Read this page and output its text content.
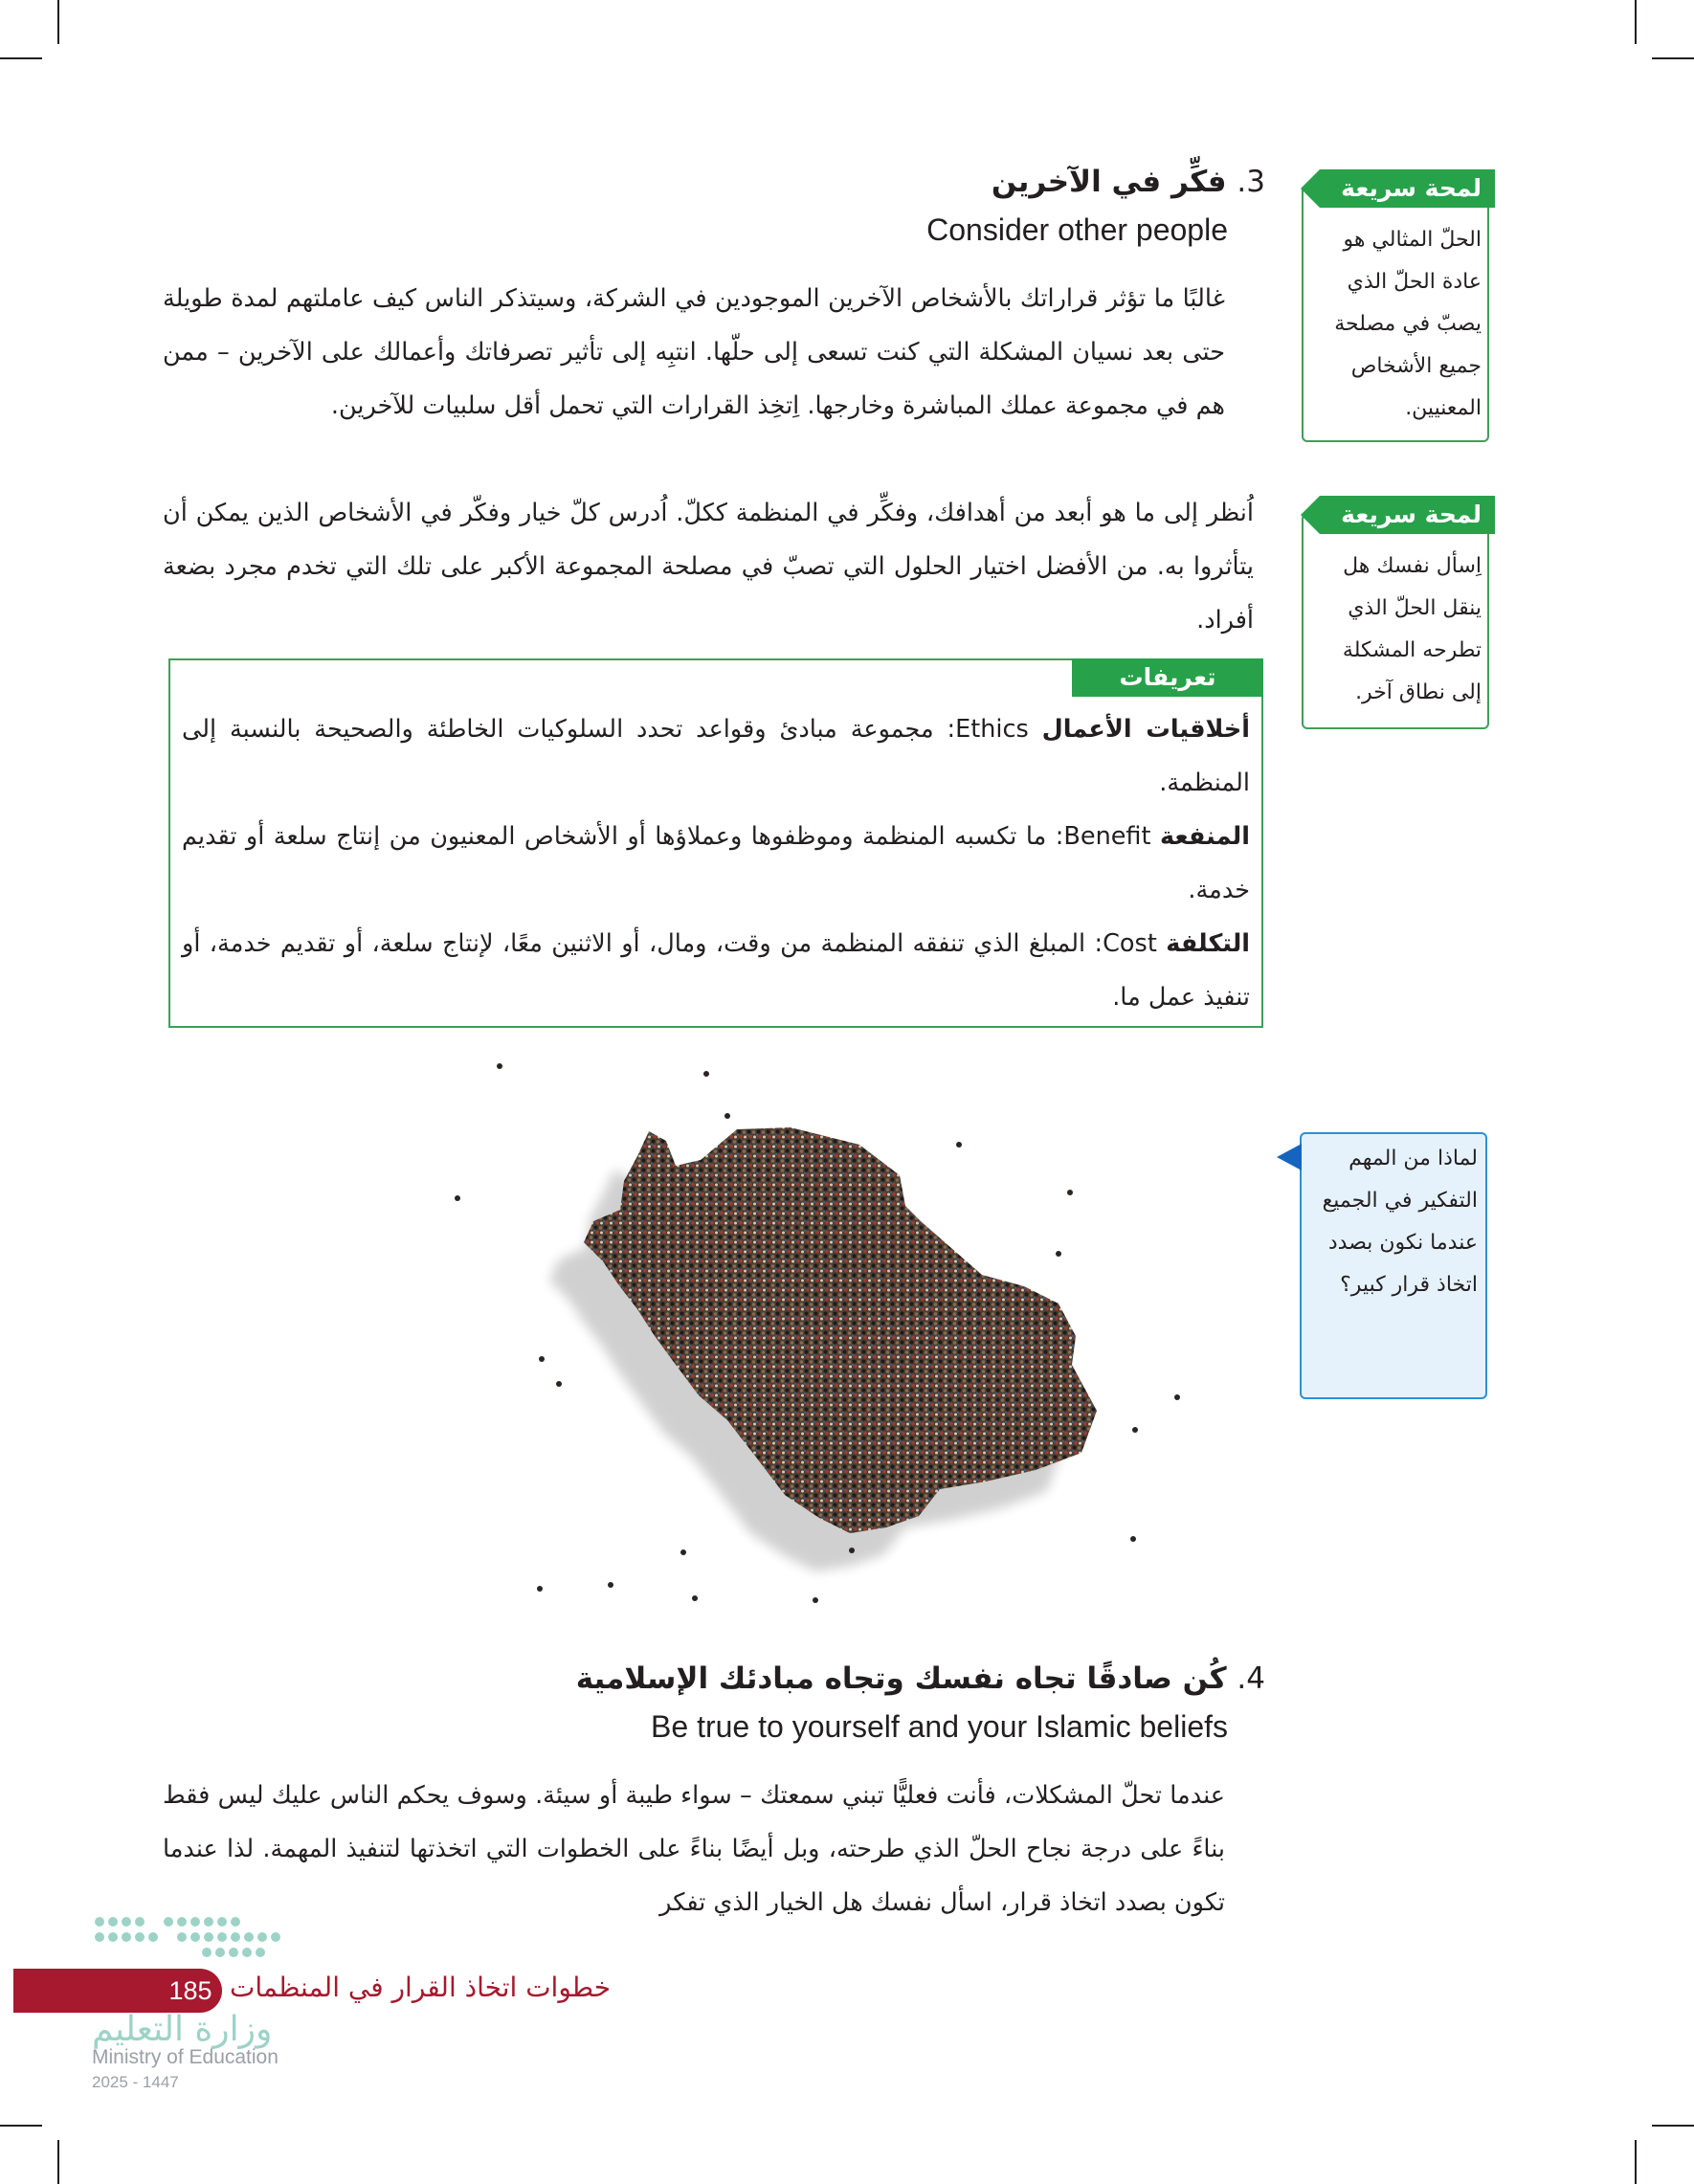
3. فكِّر في الآخرين
Consider other people
غالبًا ما تؤثر قراراتك بالأشخاص الآخرين الموجودين في الشركة، وسيتذكر الناس كيف عاملتهم لمدة طويلة حتى بعد نسيان المشكلة التي كنت تسعى إلى حلّها. انتبِه إلى تأثير تصرفاتك وأعمالك على الآخرين – ممن هم في مجموعة عملك المباشرة وخارجها. اِتخِذ القرارات التي تحمل أقل سلبيات للآخرين.
اُنظر إلى ما هو أبعد من أهدافك، وفكِّر في المنظمة ككلّ. اُدرس كلّ خيار وفكّر في الأشخاص الذين يمكن أن يتأثروا به. من الأفضل اختيار الحلول التي تصبّ في مصلحة المجموعة الأكبر على تلك التي تخدم مجرد بضعة أفراد.
لمحة سريعة
الحلّ المثالي هو عادة الحلّ الذي يصبّ في مصلحة جميع الأشخاص المعنيين.
لمحة سريعة
اِسأل نفسك هل ينقل الحلّ الذي تطرحه المشكلة إلى نطاق آخر.
تعريفات
أخلاقيات الأعمال Ethics: مجموعة مبادئ وقواعد تحدد السلوكيات الخاطئة والصحيحة بالنسبة إلى المنظمة.
المنفعة Benefit: ما تكسبه المنظمة وموظفوها وعملاؤها أو الأشخاص المعنيون من إنتاج سلعة أو تقديم خدمة.
التكلفة Cost: المبلغ الذي تنفقه المنظمة من وقت، ومال، أو الاثنين معًا، لإنتاج سلعة، أو تقديم خدمة، أو تنفيذ عمل ما.
لماذا من المهم التفكير في الجميع عندما نكون بصدد اتخاذ قرار كبير؟
4. كُن صادقًا تجاه نفسك وتجاه مبادئك الإسلامية
Be true to yourself and your Islamic beliefs
عندما تحلّ المشكلات، فأنت فعليًّا تبني سمعتك – سواء طيبة أو سيئة. وسوف يحكم الناس عليك ليس فقط بناءً على درجة نجاح الحلّ الذي طرحته، وبل أيضًا بناءً على الخطوات التي اتخذتها لتنفيذ المهمة. لذا عندما تكون بصدد اتخاذ قرار، اسأل نفسك هل الخيار الذي تفكر
185 خطوات اتخاذ القرار في المنظمات
وزارة التعليم
Ministry of Education
2025 - 1447
